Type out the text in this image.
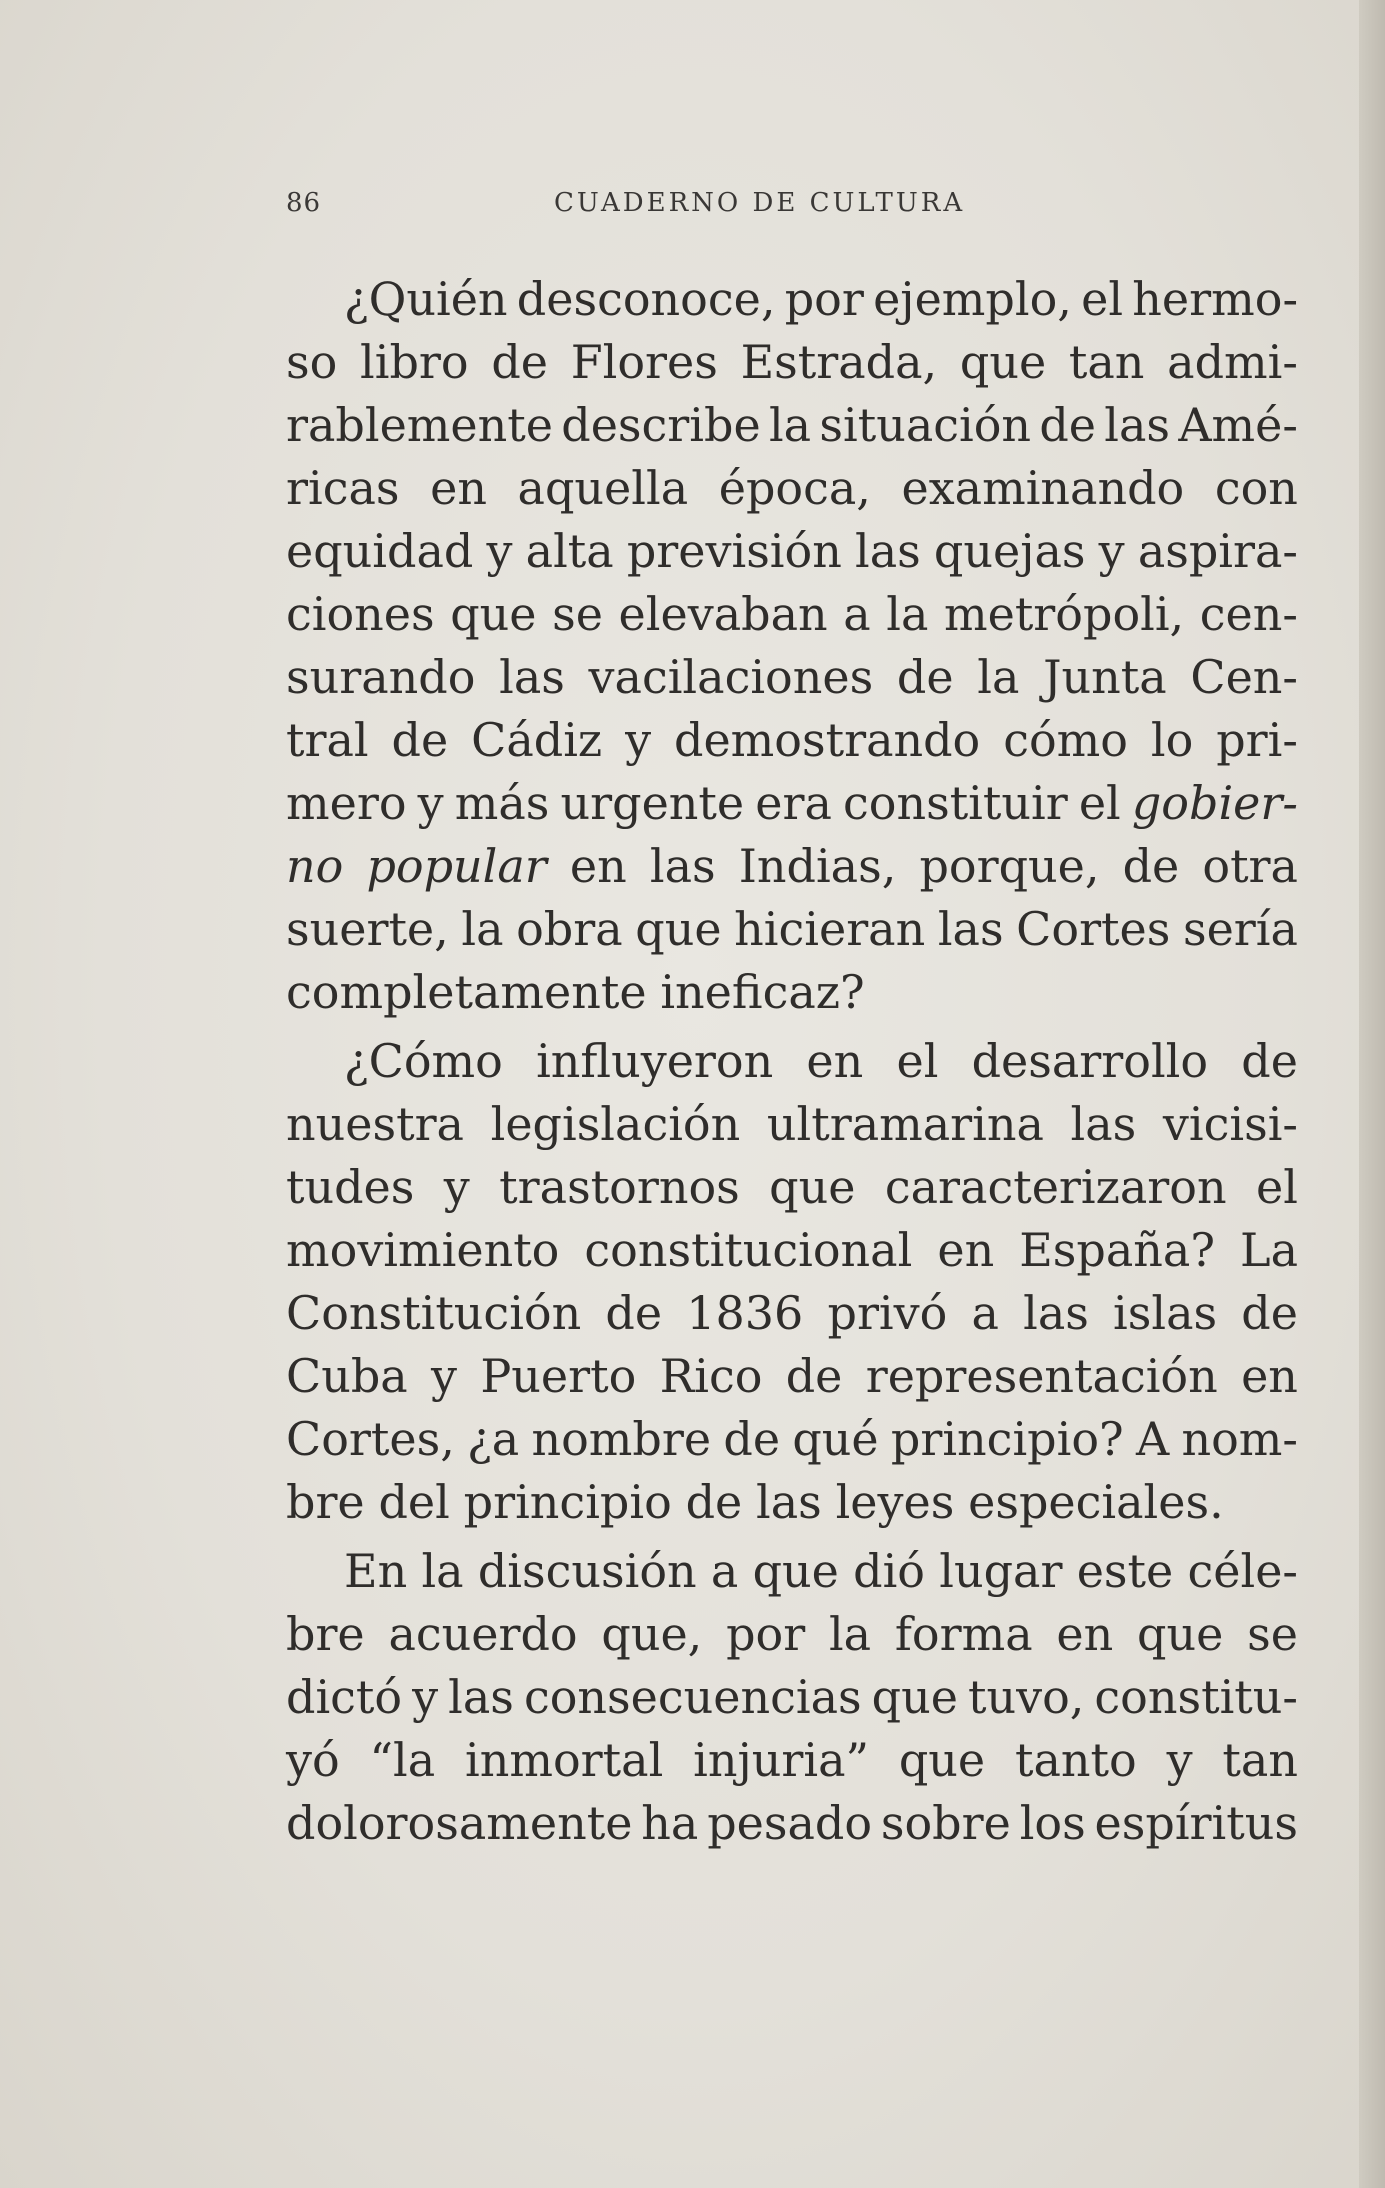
86	CUADERNO DE CULTURA
¿Quién desconoce, por ejemplo, el hermo-
so libro de Flores Estrada, que tan admi-
rablemente describe la situación de las Amé-
ricas en aquella época, examinando con
equidad y alta previsión las quejas y aspira-
ciones que se elevaban a la metrópoli, cen-
surando las vacilaciones de la Junta Cen-
tral de Cádiz y demostrando cómo lo pri-
mero y más urgente era constituir el gobier-
no popular en las Indias, porque, de otra
suerte, la obra que hicieran las Cortes sería
completamente ineficaz?
¿Cómo influyeron en el desarrollo de
nuestra legislación ultramarina las vicisi-
tudes y trastornos que caracterizaron el
movimiento constitucional en España? La
Constitución de 1836 privó a las islas de
Cuba y Puerto Rico de representación en
Cortes, ¿a nombre de qué principio? A nom-
bre del principio de las leyes especiales.
En la discusión a que dió lugar este céle-
bre acuerdo que, por la forma en que se
dictó y las consecuencias que tuvo, constitu-
yó “la inmortal injuria” que tanto y tan
dolorosamente ha pesado sobre los espíritus
